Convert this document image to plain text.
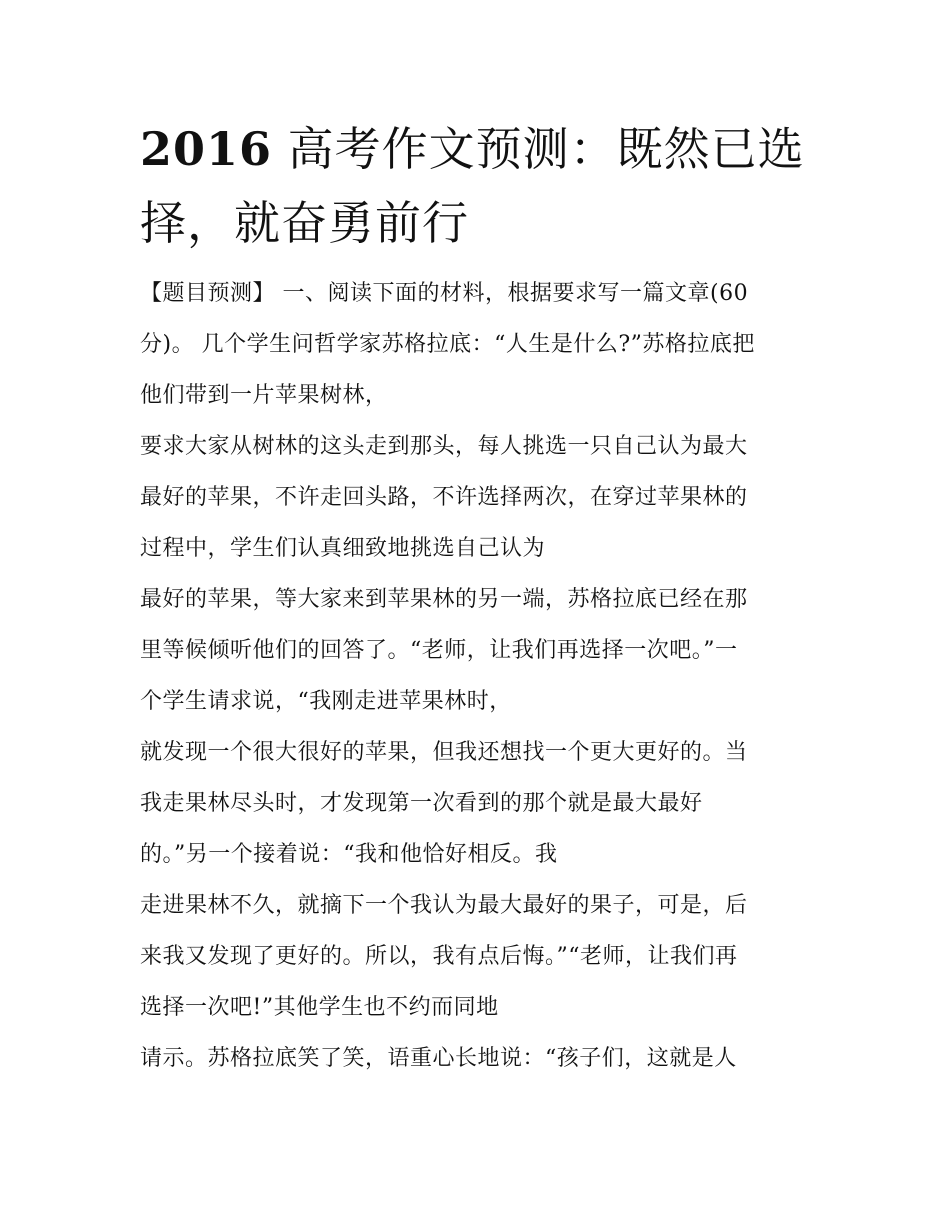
2016 高考作文预测：既然已选
择，就奋勇前行
【题目预测】 一、阅读下面的材料，根据要求写一篇文章(60
分)。 几个学生问哲学家苏格拉底：“人生是什么?”苏格拉底把
他们带到一片苹果树林，
要求大家从树林的这头走到那头，每人挑选一只自己认为最大
最好的苹果，不许走回头路，不许选择两次，在穿过苹果林的
过程中，学生们认真细致地挑选自己认为
最好的苹果，等大家来到苹果林的另一端，苏格拉底已经在那
里等候倾听他们的回答了。“老师，让我们再选择一次吧。”一
个学生请求说，“我刚走进苹果林时，
就发现一个很大很好的苹果，但我还想找一个更大更好的。当
我走果林尽头时，才发现第一次看到的那个就是最大最好
的。”另一个接着说：“我和他恰好相反。我
走进果林不久，就摘下一个我认为最大最好的果子，可是，后
来我又发现了更好的。所以，我有点后悔。”“老师，让我们再
选择一次吧!”其他学生也不约而同地
请示。苏格拉底笑了笑，语重心长地说：“孩子们，这就是人
